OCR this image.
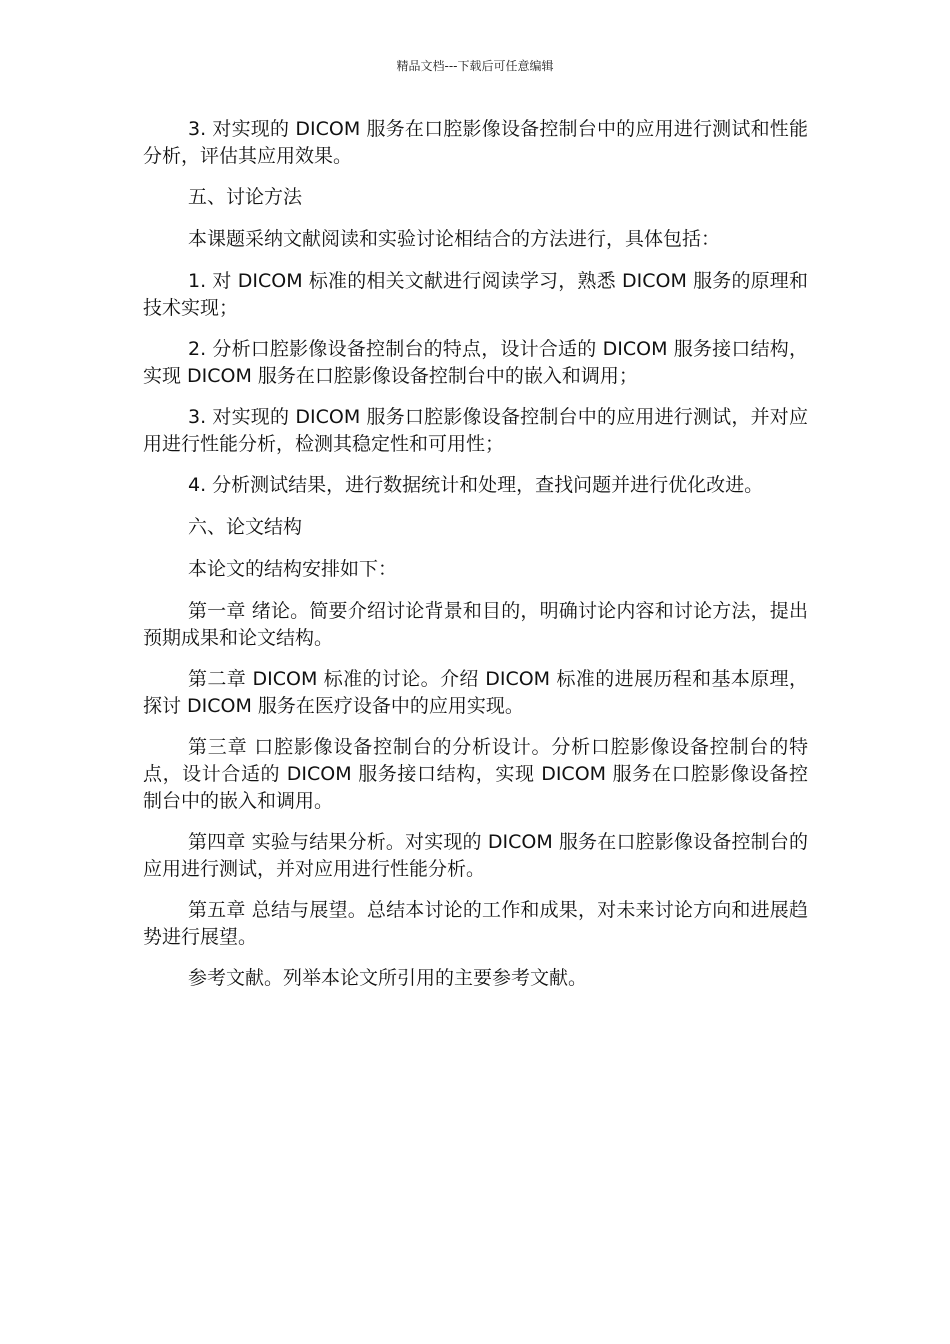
精品文档---下载后可任意编辑

3. 对实现的 DICOM 服务在口腔影像设备控制台中的应用进行测试和性能分析，评估其应用效果。

五、讨论方法

本课题采纳文献阅读和实验讨论相结合的方法进行，具体包括：

1. 对 DICOM 标准的相关文献进行阅读学习，熟悉 DICOM 服务的原理和技术实现；

2. 分析口腔影像设备控制台的特点，设计合适的 DICOM 服务接口结构，实现 DICOM 服务在口腔影像设备控制台中的嵌入和调用；

3. 对实现的 DICOM 服务口腔影像设备控制台中的应用进行测试，并对应用进行性能分析，检测其稳定性和可用性；

4. 分析测试结果，进行数据统计和处理，查找问题并进行优化改进。

六、论文结构

本论文的结构安排如下：

第一章 绪论。简要介绍讨论背景和目的，明确讨论内容和讨论方法，提出预期成果和论文结构。

第二章 DICOM 标准的讨论。介绍 DICOM 标准的进展历程和基本原理，探讨 DICOM 服务在医疗设备中的应用实现。

第三章 口腔影像设备控制台的分析设计。分析口腔影像设备控制台的特点，设计合适的 DICOM 服务接口结构，实现 DICOM 服务在口腔影像设备控制台中的嵌入和调用。

第四章 实验与结果分析。对实现的 DICOM 服务在口腔影像设备控制台的应用进行测试，并对应用进行性能分析。

第五章 总结与展望。总结本讨论的工作和成果，对未来讨论方向和进展趋势进行展望。

参考文献。列举本论文所引用的主要参考文献。
